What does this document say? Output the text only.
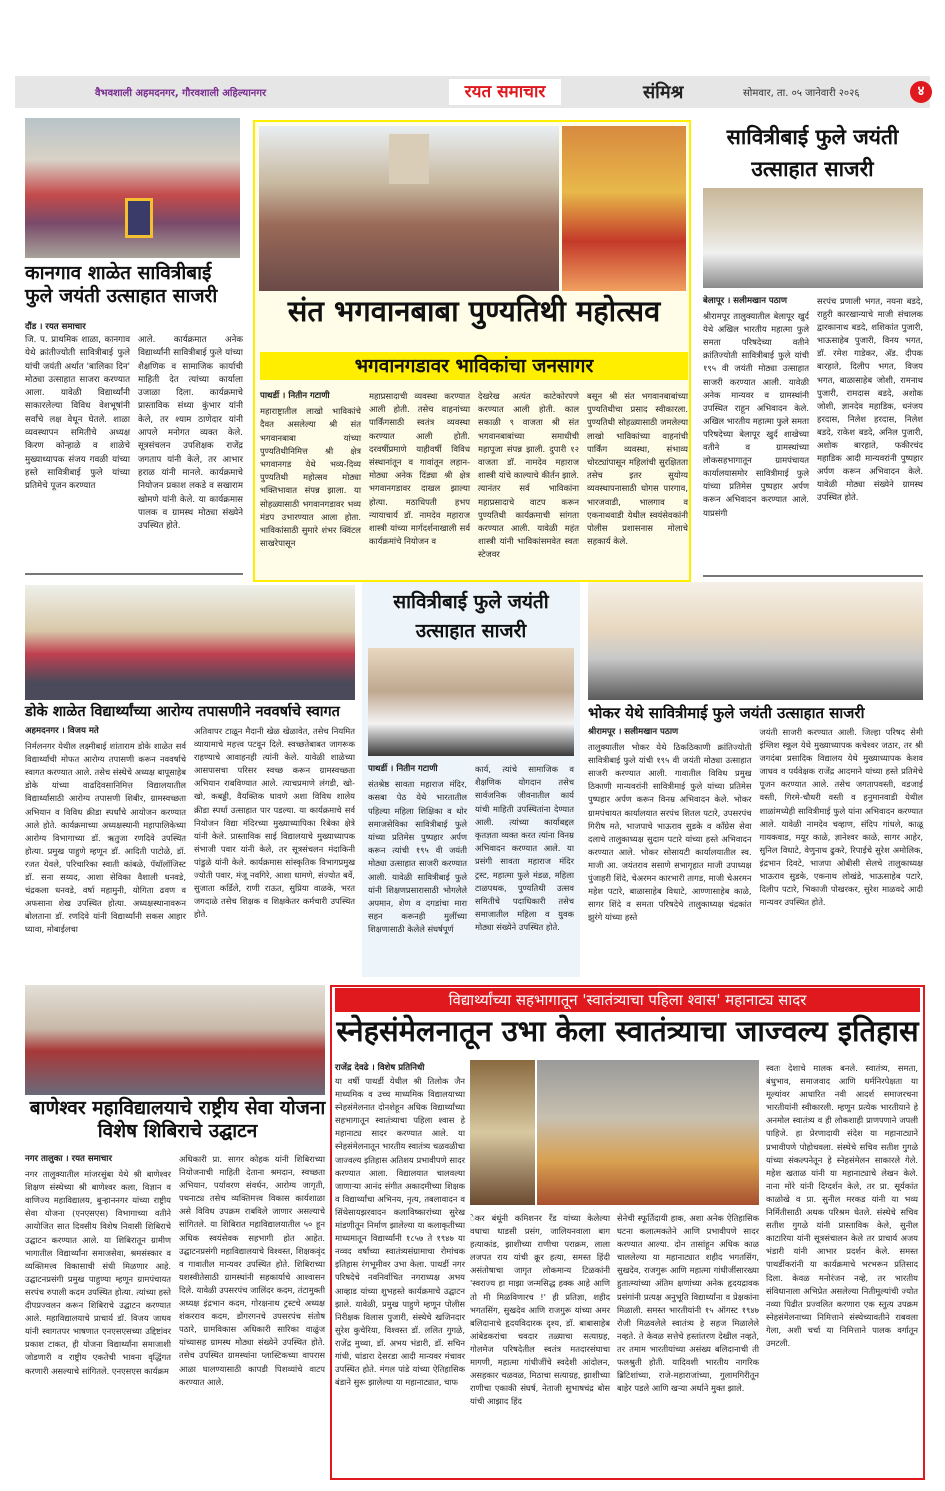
वैभवशाली अहमदनगर, गौरवशाली अहिल्यानगर	रयत समाचार	संमिश्र	सोमवार, ता. ०५ जानेवारी २०२६	४
कानगाव शाळेत सावित्रीबाई फुले जयंती उत्साहात साजरी
दौंड । रयत समाचार
जि. प. प्राथमिक शाळा, कानगाव येथे क्रांतीज्योती सावित्रीबाई फुले यांची जयंती अर्थात 'बालिका दिन' मोठ्या उत्साहात साजरा करण्यात आला. यावेळी विद्यार्थ्यांनी साकारलेल्या विविध वेशभूषांनी सर्वांचे लक्ष वेधून घेतले. शाळा व्यवस्थापन समितीचे अध्यक्ष किरण कोन्हाळे व शाळेचे मुख्याध्यापक संजय गवळी यांच्या हस्ते सावित्रीबाई फुले यांच्या प्रतिमेचे पूजन करण्यात
आले. कार्यक्रमात अनेक विद्यार्थ्यांनी सावित्रीबाई फुले यांच्या शैक्षणिक व सामाजिक कार्याची माहिती देत त्यांच्या कार्याला उजाळा दिला. कार्यक्रमाचे प्रास्ताविक संध्या कुंभार यांनी केले, तर श्याम ठाणेदार यांनी आपले मनोगत व्यक्त केले. सूत्रसंचलन उपशिक्षक राजेंद्र जगताप यांनी केले, तर आभार हराळ यांनी मानले. कार्यक्रमाचे नियोजन प्रकाश लकडे व सखाराम खोमणे यांनी केले. या कार्यक्रमास पालक व ग्रामस्थ मोठ्या संख्येने उपस्थित होते.
संत भगवानबाबा पुण्यतिथी महोत्सव
भगवानगडावर भाविकांचा जनसागर
पाथर्डी । नितीन गटाणी
महाराष्ट्रातील लाखो भाविकांचे दैवत असलेल्या श्री संत भगवानबाबा यांच्या पुण्यतिथीनिमित्त श्री क्षेत्र भगवानगड येथे भव्य-दिव्य पुण्यतिथी महोत्सव मोठ्या भक्तिभावात संपन्न झाला. या सोहळ्यासाठी भगवानगडावर भव्य मंडप उभारण्यात आला होता. भाविकांसाठी सुमारे शंभर क्विंटल साखरेपासून
महाप्रसादाची व्यवस्था करण्यात आली होती. तसेच वाहनांच्या पार्किंगसाठी स्वतंत्र व्यवस्था करण्यात आली होती. दरवर्षीप्रमाणे याहीवर्षी विविध संस्थानांतून व गावांतून लहान-मोठ्या अनेक दिंड्या श्री क्षेत्र भगवानगडावर दाखल झाल्या होत्या. मठाधिपती हभप न्यायाचार्य डॉ. नामदेव महाराज शास्त्री यांच्या मार्गदर्शनाखाली सर्व कार्यक्रमांचे नियोजन व
देखरेख अत्यंत काटेकोरपणे करण्यात आली होती. काल सकाळी ९ वाजता श्री संत भगवानबाबांच्या समाधीची महापूजा संपन्न झाली. दुपारी १२ वाजता डॉ. नामदेव महाराज शास्त्री यांचे काल्याचे कीर्तन झाले. त्यानंतर सर्व भाविकांना महाप्रसादाचे वाटप करून पुण्यतिथी कार्यक्रमाची सांगता करण्यात आली. यावेळी महंत शास्त्री यांनी भाविकांसमवेत स्वतः स्टेजवर
बसून श्री संत भगवानबाबांच्या पुण्यतिथीचा प्रसाद स्वीकारला. पुण्यतिथी सोहळ्यासाठी जमलेल्या लाखो भाविकांच्या वाहनांची पार्किंग व्यवस्था, संभाव्य चोरट्यांपासून महिलांची सुरक्षितता तसेच इतर सुयोग्य व्यवस्थापनासाठी घोगस पारगाव, भारजवाडी, भालगाव व एकनाथवाडी येथील स्वयंसेवकांनी पोलीस प्रशासनास मोलाचे सहकार्य केले.
सावित्रीबाई फुले जयंती उत्साहात साजरी
बेलापूर । सलीमखान पठाण
श्रीरामपूर तालुक्यातील बेलापूर खुर्द येथे अखिल भारतीय महात्मा फुले समता परिषदेच्या वतीने क्रांतिज्योती सावित्रीबाई फुले यांची १९५ वी जयंती मोठ्या उत्साहात साजरी करण्यात आली. यावेळी अनेक मान्यवर व ग्रामस्थांनी उपस्थित राहून अभिवादन केले. अखिल भारतीय महात्मा फुले समता परिषदेच्या बेलापूर खुर्द शाखेच्या वतीने व ग्रामस्थांच्या लोकसहभागातून ग्रामपंचायत कार्यालयासमोर सावित्रीमाई फुले यांच्या प्रतिमेस पुष्पहार अर्पण करून अभिवादन करण्यात आले. याप्रसंगी
सरपंच प्रणाली भगत, नयना बडदे, राहुरी कारखान्याचे माजी संचालक द्वारकानाथ बडदे, शशिकांत पुजारी, भाऊसाहेब पुजारी, विनय भगत, डॉ. रमेश गाडेकर, अ‍ॅड. दीपक बारहाते, दिलीप भगत, विजय भगत, बाळासाहेब जोशी, रामनाथ पुजारी, रामदास बडदे, अशोक जोशी, ज्ञानदेव महाडिक, धनंजय हरदास, निलेश हरदास, निलेश बडदे, राकेश बडदे, अनिल पुजारी, अशोक बारहाते, फकीरचंद महाडिक आदी मान्यवरांनी पुष्पहार अर्पण करून अभिवादन केले. यावेळी मोठ्या संख्येने ग्रामस्थ उपस्थित होते.
डोके शाळेत विद्यार्थ्यांच्या आरोग्य तपासणीने नववर्षाचे स्वागत
अहमदनगर । विजय मते
निर्मलनगर येथील लक्ष्मीबाई शांताराम डोके शाळेत सर्व विद्यार्थ्यांची मोफत आरोग्य तपासणी करून नववर्षाचे स्वागत करण्यात आले. तसेच संस्थेचे अध्यक्ष बापूसाहेब डोके यांच्या वाढदिवसानिमित्त विद्यालयातील विद्यार्थ्यांसाठी आरोग्य तपासणी शिबीर, ग्रामस्वच्छता अभियान व विविध क्रीडा स्पर्धांचे आयोजन करण्यात आले होते. कार्यक्रमाच्या अध्यक्षस्थानी महापालिकेच्या आरोग्य विभागाच्या डॉ. ऋतुजा रणदिवे उपस्थित होत्या. प्रमुख पाहुणे म्हणून डॉ. आदिती पाटोळे, डॉ. रजत येवले, परिचारिका स्वाती कांबळे, पॅथॉलॉजिस्ट डॉ. सना सय्यद, आशा सेविका वैशाली धनवडे, चंद्रकला धनवडे, वर्षा महामुनी, योगिता ढवण व अफसाना शेख उपस्थित होत्या. अध्यक्षस्थानावरून बोलताना डॉ. रणदिवे यांनी विद्यार्थ्यांनी सकस आहार घ्यावा, मोबाईलचा
अतिवापर टाळून मैदानी खेळ खेळावेत, तसेच नियमित व्यायामाचे महत्त्व पटवून दिले. स्वच्छतेबाबत जागरूक राहण्याचे आवाहनही त्यांनी केले. यावेळी शाळेच्या आसपासचा परिसर स्वच्छ करून ग्रामस्वच्छता अभियान राबविण्यात आले. त्याचप्रमाणे लंगडी, खो-खो, कबड्डी, वैयक्तिक धावणे अशा विविध शालेय क्रीडा स्पर्धा उत्साहात पार पडल्या. या कार्यक्रमाचे सर्व नियोजन विद्या मंदिरच्या मुख्याध्यापिका रिबेका क्षेत्रे यांनी केले. प्रास्ताविक साई विद्यालयाचे मुख्याध्यापक संभाजी पवार यांनी केले, तर सूत्रसंचलन मंदाकिनी पांडुळे यांनी केले. कार्यक्रमास सांस्कृतिक विभागप्रमुख ज्योती पवार, मंजू नवगिरे, आशा धामणे, संज्योत बर्वे, सुजाता कर्डिले, राणी राऊत, सुप्रिया वाळके, भरत जगदाळे तसेच शिक्षक व शिक्षकेतर कर्मचारी उपस्थित होते.
सावित्रीबाई फुले जयंती उत्साहात साजरी
पाथर्डी । नितीन गटाणी
संतश्रेष्ठ सावता महाराज मंदिर, कसबा पेठ येथे भारतातील पहिल्या महिला शिक्षिका व थोर समाजसेविका सावित्रीबाई फुले यांच्या प्रतिमेस पुष्पहार अर्पण करून त्यांची १९५ वी जयंती मोठ्या उत्साहात साजरी करण्यात आली. यावेळी सावित्रीबाई फुले यांनी शिक्षणप्रसारासाठी भोगलेले अपमान, शेण व दगडांचा मारा सहन करूनही मुलींच्या शिक्षणासाठी केलेले संघर्षपूर्ण
कार्य, त्यांचे सामाजिक व शैक्षणिक योगदान तसेच सार्वजनिक जीवनातील कार्य यांची माहिती उपस्थितांना देण्यात आली. त्यांच्या कार्याबद्दल कृतज्ञता व्यक्त करत त्यांना विनम्र अभिवादन करण्यात आले. या प्रसंगी सावता महाराज मंदिर ट्रस्ट, महात्मा फुले मंडळ, महिला टाळपथक, पुण्यतिथी उत्सव समितीचे पदाधिकारी तसेच समाजातील महिला व युवक मोठ्या संख्येने उपस्थित होते.
भोकर येथे सावित्रीमाई फुले जयंती उत्साहात साजरी
श्रीरामपूर । सलीमखान पठाण
तालुक्यातील भोकर येथे ठिकठिकाणी क्रांतिज्योती सावित्रीबाई फुले यांची १९५ वी जयंती मोठ्या उत्साहात साजरी करण्यात आली. गावातील विविध प्रमुख ठिकाणी मान्यवरांनी सावित्रीमाई फुले यांच्या प्रतिमेस पुष्पहार अर्पण करून विनम्र अभिवादन केले. भोकर ग्रामपंचायत कार्यालयात सरपंच शितल पटारे, उपसरपंच गिरीष मते, भाजपाचे भाऊराव सुडके व काँग्रेस सेवा दलाचे तालुकाध्यक्ष सुदाम पटारे यांच्या हस्ते अभिवादन करण्यात आले. भोकर सोसायटी कार्यालयातील स्व. माजी आ. जयंतराव ससाणे सभागृहात माजी उपाध्यक्ष पुंजाहरी शिंदे, चेअरमन कारभारी तागड, माजी चेअरमन महेश पटारे, बाळासाहेब विधाटे, आण्णासाहेब काळे, सागर शिंदे व समता परिषदेचे तालुकाध्यक्ष चंद्रकांत झुरंगे यांच्या हस्ते
जयंती साजरी करण्यात आली. जिल्हा परिषद सेमी इंग्लिश स्कूल येथे मुख्याध्यापक कचेश्वर जठार, तर श्री जगदंबा प्रसादिक विद्यालय येथे मुख्याध्यापक केशव जाधव व पर्यवेक्षक राजेंद्र आदमाने यांच्या हस्ते प्रतिमेचे पूजन करण्यात आले. तसेच जगतापवस्ती, वडजाई वस्ती, गिरमे-चौधरी वस्ती व हनुमानवाडी येथील शाळांमध्येही सावित्रीमाई फुले यांना अभिवादन करण्यात आले. यावेळी नामदेव चव्हाण, संदिप गांधले, काळू गायकवाड, मयूर काळे, ज्ञानेश्वर काळे, सागर आहेर, सुनिल विधाटे, वेणुनाथ ढुकरे, रिपाईचे सुरेश अमोलिक, इंद्रभान दिवटे, भाजपा ओबीसी सेलचे तालुकाध्यक्ष भाऊराव सुडके, एकनाथ लोखंडे, भाऊसाहेब पटारे, दिलीप पटारे, भिकाजी पोखरकर, सुरेश माळवदे आदी मान्यवर उपस्थित होते.
बाणेश्वर महाविद्यालयाचे राष्ट्रीय सेवा योजना विशेष शिबिराचे उद्घाटन
नगर तालुका । रयत समाचार
नगर तालुक्यातील मांजरसुंबा येथे श्री बाणेश्वर शिक्षण संस्थेच्या श्री बाणेश्वर कला, विज्ञान व वाणिज्य महाविद्यालय, बुऱ्हाननगर यांच्या राष्ट्रीय सेवा योजना (एनएसएस) विभागाच्या वतीने आयोजित सात दिवसीय विशेष निवासी शिबिराचे उद्घाटन करण्यात आले. या शिबिरातून ग्रामीण भागातील विद्यार्थ्यांना समाजसेवा, श्रमसंस्कार व व्यक्तिमत्त्व विकासाची संधी मिळणार आहे. उद्घाटनप्रसंगी प्रमुख पाहुण्या म्हणून ग्रामपंचायत सरपंच रुपाली कदम उपस्थित होत्या. त्यांच्या हस्ते दीपप्रज्वलन करून शिबिराचे उद्घाटन करण्यात आले. महाविद्यालयाचे प्राचार्य डॉ. विजय जाधव यांनी स्वागतपर भाषणात एनएसएसच्या उद्दिष्टांवर प्रकाश टाकत, ही योजना विद्यार्थ्यांना समाजाशी जोडणारी व राष्ट्रीय एकतेची भावना वृद्धिंगत करणारी असल्याचे सांगितले. एनएसएस कार्यक्रम
अधिकारी प्रा. सागर कोहक यांनी शिबिराच्या नियोजनाची माहिती देताना श्रमदान, स्वच्छता अभियान, पर्यावरण संवर्धन, आरोग्य जागृती, पथनाट्य तसेच व्यक्तिमत्त्व विकास कार्यशाळा असे विविध उपक्रम राबविले जाणार असल्याचे सांगितले. या शिबिरात महाविद्यालयातील ५० हून अधिक स्वयंसेवक सहभागी होत आहेत. उद्घाटनप्रसंगी महाविद्यालयाचे विश्वस्त, शिक्षकवृंद व गावातील मान्यवर उपस्थित होते. शिबिराच्या यशस्वीतेसाठी ग्रामस्थांनी सहकार्याचे आश्वासन दिले. यावेळी उपसरपंच जालिंदर कदम, तंटामुक्ती अध्यक्ष इंद्रभान कदम, गोरक्षनाथ ट्रस्टचे अध्यक्ष शंकरराव कदम, डोंगरगनचे उपसरपंच संतोष पठारे, ग्रामविकास अधिकारी सारिका वाळुंज यांच्यासह ग्रामस्थ मोठ्या संख्येने उपस्थित होते. तसेच उपस्थित ग्रामस्थांना प्लास्टिकच्या वापरास आळा घालण्यासाठी कापडी पिशव्यांचे वाटप करण्यात आले.
विद्यार्थ्यांच्या सहभागातून 'स्वातंत्र्याचा पहिला श्वास' महानाट्य सादर
स्नेहसंमेलनातून उभा केला स्वातंत्र्याचा जाज्वल्य इतिहास
राजेंद्र देवढे । विशेष प्रतिनिधी
या वर्षी पाथर्डी येथील श्री तिलोक जैन माध्यमिक व उच्च माध्यमिक विद्यालयाच्या स्नेहसंमेलनात दोनशेहून अधिक विद्यार्थ्यांच्या सहभागातून स्वातंत्र्याचा पहिला श्वास हे महानाट्य सादर करण्यात आले. या स्नेहसंमेलनातून भारतीय स्वातंत्र्य चळवळीचा जाज्वल्य इतिहास अतिशय प्रभावीपणे सादर करण्यात आला. विद्यालयात चालवल्या जाणाऱ्या आनंद संगीत अकादमीच्या शिक्षक व विद्यार्थ्यांचा अभिनय, नृत्य, तबलावादन व सिंथेसायझरवादन कलाविष्कारांच्या सुरेख मांडणीतून निर्माण झालेल्या या कलाकृतीच्या माध्यमातून विद्यार्थ्यांनी १८५७ ते १९४७ या नव्वद वर्षांच्या स्वातंत्र्यसंग्रामाचा रोमांचक इतिहास रंगभूमीवर उभा केला. पाथर्डी नगर परिषदेचे नवनिर्वाचित नगराध्यक्ष अभय आव्हाड यांच्या शुभहस्ते कार्यक्रमाचे उद्घाटन झाले. यावेळी, प्रमुख पाहुणे म्हणून पोलीस निरीक्षक विलास पुजारी, संस्थेचे खजिनदार सुरेश कुचेरिया, विश्वस्त डॉ. ललित गुगळे, राजेंद्र मुथ्था, डॉ. अभय भंडारी, डॉ. सचिन गांधी, धांडारा देसरडा आदी मान्यवर मंचावर उपस्थित होते. मंगल पांडे यांच्या ऐतिहासिक बंडाने सुरू झालेल्या या महानाट्यात, चाफ
ेकर बंधूंनी कमिशनर रँड यांच्या केलेल्या वधाचा धाडसी प्रसंग, जालियनवाला बाग हत्याकांड, झाशीच्या राणीचा पराक्रम, लाला लजपत राय यांची क्रूर हत्या, समस्त हिंदी असंतोषाचा जागृत लोकमान्य टिळकांनी 'स्वराज्य हा माझा जन्मसिद्ध हक्क आहे आणि तो मी मिळविणारच !' ही प्रतिज्ञा, शहीद भगतसिंग, सुखदेव आणि राजगुरू यांच्या अमर बलिदानाचे हृदयविदारक दृश्य, डॉ. बाबासाहेब आंबेडकरांचा चवदार तळ्याचा सत्याग्रह, गोलमेज परिषदेतील स्वतंत्र मतदारसंघाचा मागणी, महात्मा गांधीजींचे स्वदेशी आंदोलन, असहकार चळवळ, मिठाचा सत्याग्रह, झाशीच्या राणीचा एकाकी संघर्ष, नेताजी सुभाषचंद्र बोस यांची आझाद हिंद
सेनेची स्फूर्तिदायी हाक, अशा अनेक ऐतिहासिक घटना कलात्मकतेने आणि प्रभावीपणे सादर करण्यात आल्या. दोन तासांहून अधिक काळ चाललेल्या या महानाट्यात शहीद भगतसिंग, सुखदेव, राजगुरू आणि महात्मा गांधीजींसारख्या हुतात्म्यांच्या अंतिम क्षणांच्या अनेक हृदयद्रावक प्रसंगांनी प्रत्यक्ष अनुभूति विद्यार्थ्यांना व प्रेक्षकांना मिळाली. समस्त भारतीयांनी १५ ऑगस्ट १९४७ रोजी मिळवलेले स्वातंत्र्य हे सहज मिळालेले नव्हते. ते केवळ सत्तेचे हस्तांतरण देखील नव्हते, तर तमाम भारतीयांच्या असंख्य बलिदानाची ती फलश्रुती होती. यादिवशी भारतीय नागरिक ब्रिटिशांच्या, राजे-महाराजांच्या, गुलामगिरीतून बाहेर पडले आणि खऱ्या अर्थाने मुक्त झाले.
स्वतः देशाचे मालक बनले. स्वातंत्र्य, समता, बंधुभाव, समाजवाद आणि धर्मनिरपेक्षता या मूल्यांवर आधारित नवी आदर्श समाजरचना भारतीयांनी स्वीकारली. म्हणून प्रत्येक भारतीयाने हे अनमोल स्वातंत्र्य व ही लोकशाही प्राणपणाने जपली पाहिजे. हा प्रेरणादायी संदेश या महानाट्याने प्रभावीपणे पोहोचवला. संस्थेचे सचिव सतीश गुगळे यांच्या संकल्पनेतून हे स्नेहसंमेलन साकारले गेले. महेश खताळ यांनी या महानाट्याचे लेखन केले. नाना मोरे यांनी दिग्दर्शन केले, तर प्रा. सूर्यकांत काळोखे व प्रा. सुनील मरकड यांनी या भव्य निर्मितीसाठी अथक परिश्रम घेतले. संस्थेचे सचिव सतीश गुगळे यांनी प्रास्ताविक केले, सुनील काटारिया यांनी सूत्रसंचालन केले तर प्राचार्य अजय भंडारी यांनी आभार प्रदर्शन केले. समस्त पाथर्डीकरांनी या कार्यक्रमाचे भरभरून प्रतिसाद दिला. केवळ मनोरंजन नव्हे, तर भारतीय संविधानाला अभिप्रेत असलेल्या नितीमूल्यांची ज्योत नव्या पिढीत प्रज्वलित करणारा एक स्तुत्य उपक्रम स्नेहसंमेलनाच्या निमित्ताने संस्थेच्यावतीने राबवला गेला, अशी चर्चा या निमित्ताने पालक वर्गातून उमटली.
